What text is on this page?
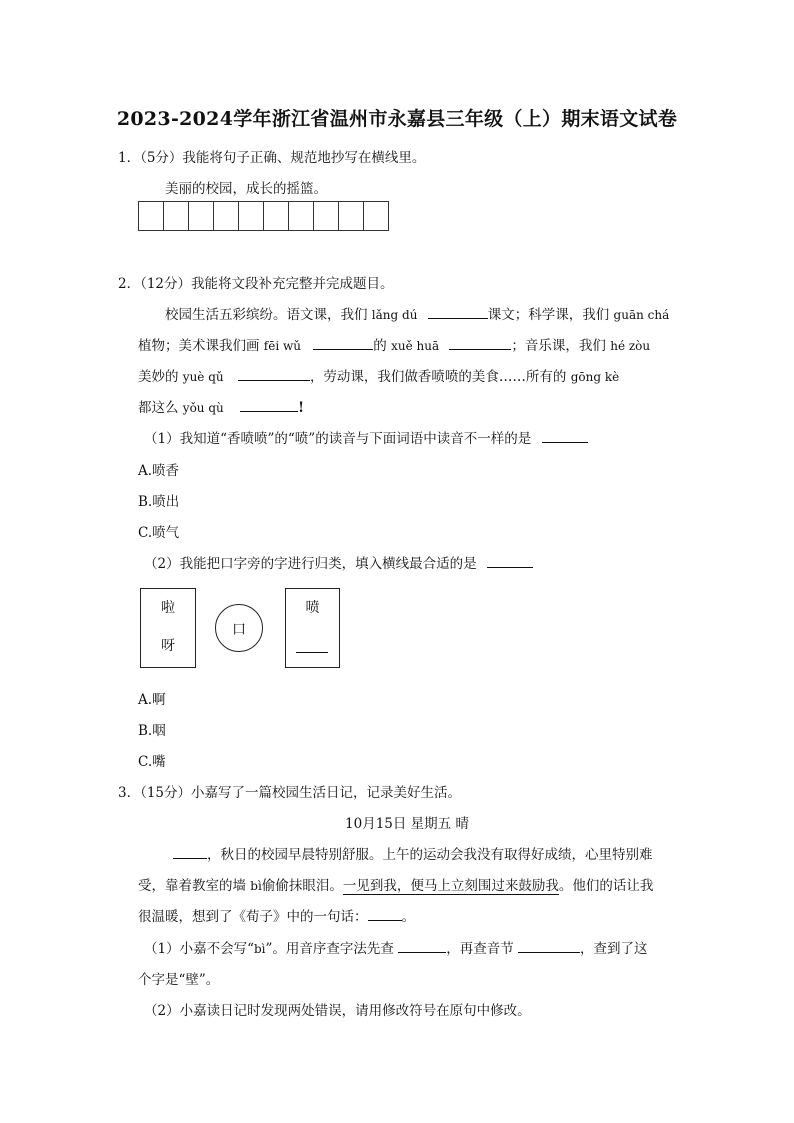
2023-2024学年浙江省温州市永嘉县三年级（上）期末语文试卷
1．（5分）我能将句子正确、规范地抄写在横线里。
美丽的校园，成长的摇篮。
2．（12分）我能将文段补充完整并完成题目。
校园生活五彩缤纷。语文课，我们 lǎng dú	课文；科学课，我们 guān chá
植物；美术课我们画 fēi wǔ	的 xuě huā	；音乐课，我们 hé zòu
美妙的 yuè qǔ	，劳动课，我们做香喷喷的美食……所有的 gōng kè
都这么 yǒu qù	!
（1）我知道“香喷喷”的“喷”的读音与下面词语中读音不一样的是
A.喷香
B.喷出
C.喷气
（2）我能把口字旁的字进行归类，填入横线最合适的是
啦
呀
口
喷
A.啊
B.咽
C.嘴
3．（15分）小嘉写了一篇校园生活日记，记录美好生活。
10月15日 星期五 晴
，秋日的校园早晨特别舒服。上午的运动会我没有取得好成绩，心里特别难
受，靠着教室的墙 bì偷偷抹眼泪。一见到我，便马上立刻围过来鼓励我。他们的话让我
很温暖，想到了《荀子》中的一句话：	。
（1）小嘉不会写“bì”。用音序查字法先查	，再查音节	，查到了这
个字是“壁”。
（2）小嘉读日记时发现两处错误，请用修改符号在原句中修改。
